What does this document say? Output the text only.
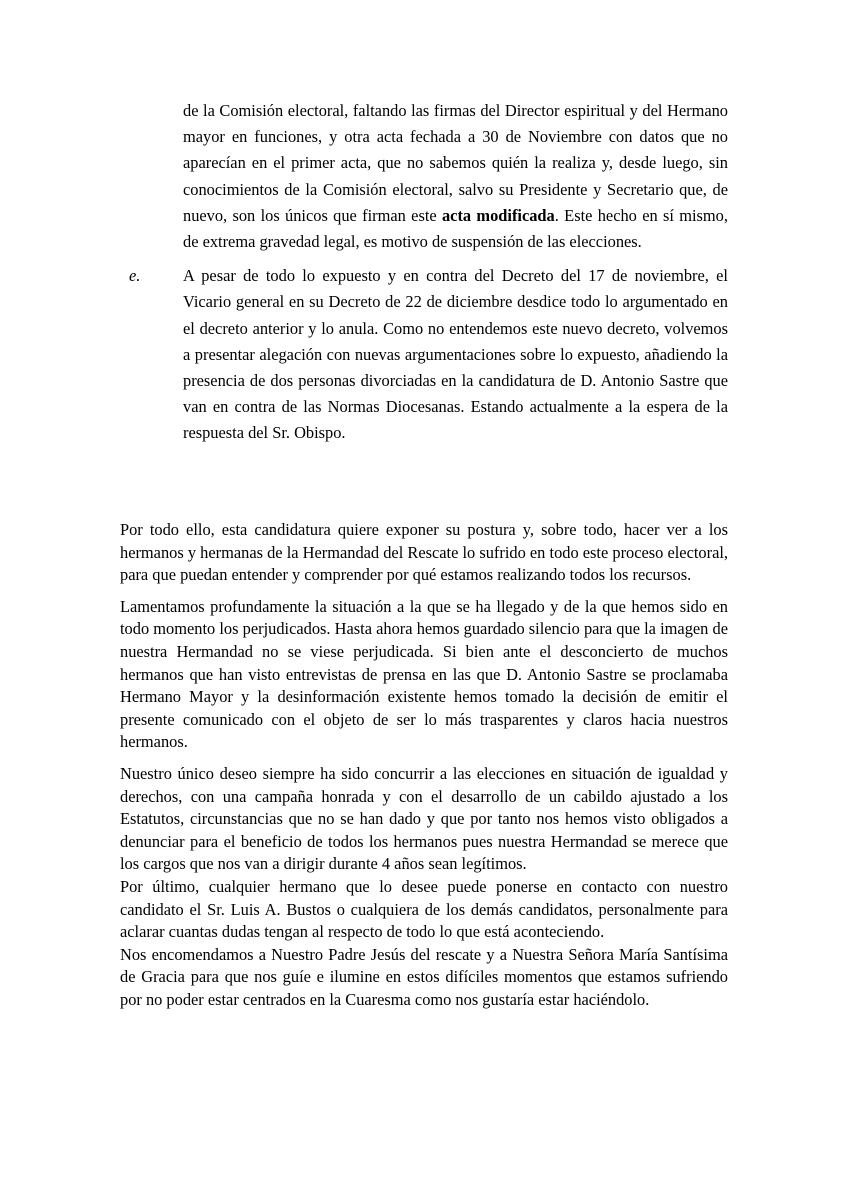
de la Comisión electoral, faltando las firmas del Director espiritual y del Hermano mayor en funciones, y otra acta fechada a 30 de Noviembre con datos que no aparecían en el primer acta, que no sabemos quién la realiza y, desde luego, sin conocimientos de la Comisión electoral, salvo su Presidente y Secretario que, de nuevo, son los únicos que firman este acta modificada. Este hecho en sí mismo, de extrema gravedad legal, es motivo de suspensión de las elecciones.

e.	A pesar de todo lo expuesto y en contra del Decreto del 17 de noviembre, el Vicario general en su Decreto de 22 de diciembre desdice todo lo argumentado en el decreto anterior y lo anula. Como no entendemos este nuevo decreto, volvemos a presentar alegación con nuevas argumentaciones sobre lo expuesto, añadiendo la presencia de dos personas divorciadas en la candidatura de D. Antonio Sastre que van en contra de las Normas Diocesanas. Estando actualmente a la espera de la respuesta del Sr. Obispo.

Por todo ello, esta candidatura quiere exponer su postura y, sobre todo, hacer ver a los hermanos y hermanas de la Hermandad del Rescate lo sufrido en todo este proceso electoral, para que puedan entender y comprender por qué estamos realizando todos los recursos.

Lamentamos profundamente la situación a la que se ha llegado y de la que hemos sido en todo momento los perjudicados. Hasta ahora hemos guardado silencio para que la imagen de nuestra Hermandad no se viese perjudicada. Si bien ante el desconcierto de muchos hermanos que han visto entrevistas de prensa en las que D. Antonio Sastre se proclamaba Hermano Mayor y la desinformación existente hemos tomado la decisión de emitir el presente comunicado con el objeto de ser lo más trasparentes y claros hacia nuestros hermanos.

Nuestro único deseo siempre ha sido concurrir a las elecciones en situación de igualdad y derechos, con una campaña honrada y con el desarrollo de un cabildo ajustado a los Estatutos, circunstancias que no se han dado y que por tanto nos hemos visto obligados a denunciar para el beneficio de todos los hermanos pues nuestra Hermandad se merece que los cargos que nos van a dirigir durante 4 años sean legítimos.

Por último, cualquier hermano que lo desee puede ponerse en contacto con nuestro candidato el Sr. Luis A. Bustos o cualquiera de los demás candidatos, personalmente para aclarar cuantas dudas tengan al respecto de todo lo que está aconteciendo.

Nos encomendamos a Nuestro Padre Jesús del rescate y a Nuestra Señora María Santísima de Gracia para que nos guíe e ilumine en estos difíciles momentos que estamos sufriendo por no poder estar centrados en la Cuaresma como nos gustaría estar haciéndolo.
